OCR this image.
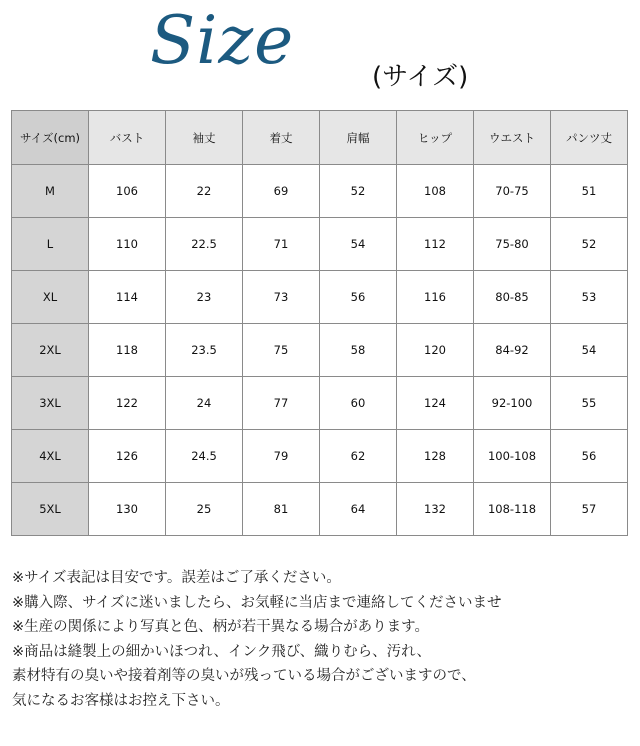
Size	(サイズ)
サイズ(cm)	バスト	袖丈	着丈	肩幅	ヒップ	ウエスト	パンツ丈
M	106	22	69	52	108	70-75	51
L	110	22.5	71	54	112	75-80	52
XL	114	23	73	56	116	80-85	53
2XL	118	23.5	75	58	120	84-92	54
3XL	122	24	77	60	124	92-100	55
4XL	126	24.5	79	62	128	100-108	56
5XL	130	25	81	64	132	108-118	57
※サイズ表記は目安です。誤差はご了承ください。
※購入際、サイズに迷いましたら、お気軽に当店まで連絡してくださいませ
※生産の関係により写真と色、柄が若干異なる場合があります。
※商品は縫製上の細かいほつれ、インク飛び、織りむら、汚れ、
素材特有の臭いや接着剤等の臭いが残っている場合がございますので、
気になるお客様はお控え下さい。
